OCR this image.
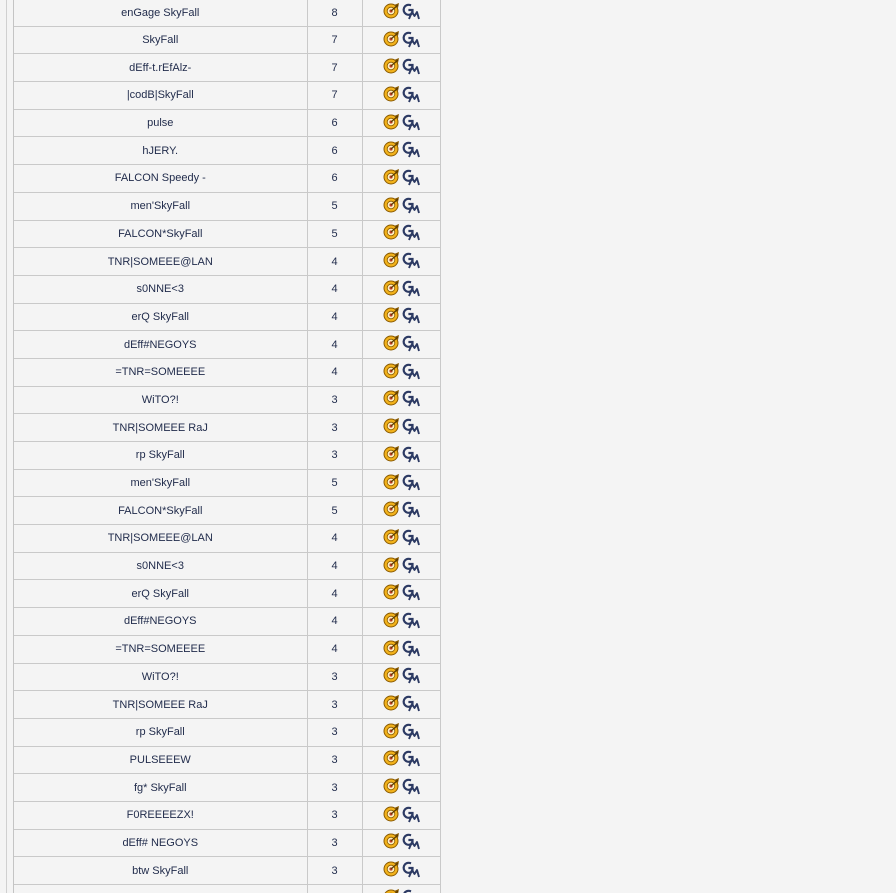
enGage SkyFall	8	

SkyFall	7	

dEff-t.rEfAlz-	7	

|codB|SkyFall	7	

pulse	6	

hJERY.	6	

FALCON Speedy -	6	

men'SkyFall	5	

FALCON*SkyFall	5	

TNR|SOMEEE@LAN	4	

s0NNE<3	4	

erQ SkyFall	4	

dEff#NEGOYS	4	

=TNR=SOMEEEE	4	

WiTO?!	3	

TNR|SOMEEE RaJ	3	

rp SkyFall	3	

men'SkyFall	5	

FALCON*SkyFall	5	

TNR|SOMEEE@LAN	4	

s0NNE<3	4	

erQ SkyFall	4	

dEff#NEGOYS	4	

=TNR=SOMEEEE	4	

WiTO?!	3	

TNR|SOMEEE RaJ	3	

rp SkyFall	3	

PULSEEEW	3	

fg* SkyFall	3	

F0REEEEZX!	3	

dEff# NEGOYS	3	

btw SkyFall	3	
